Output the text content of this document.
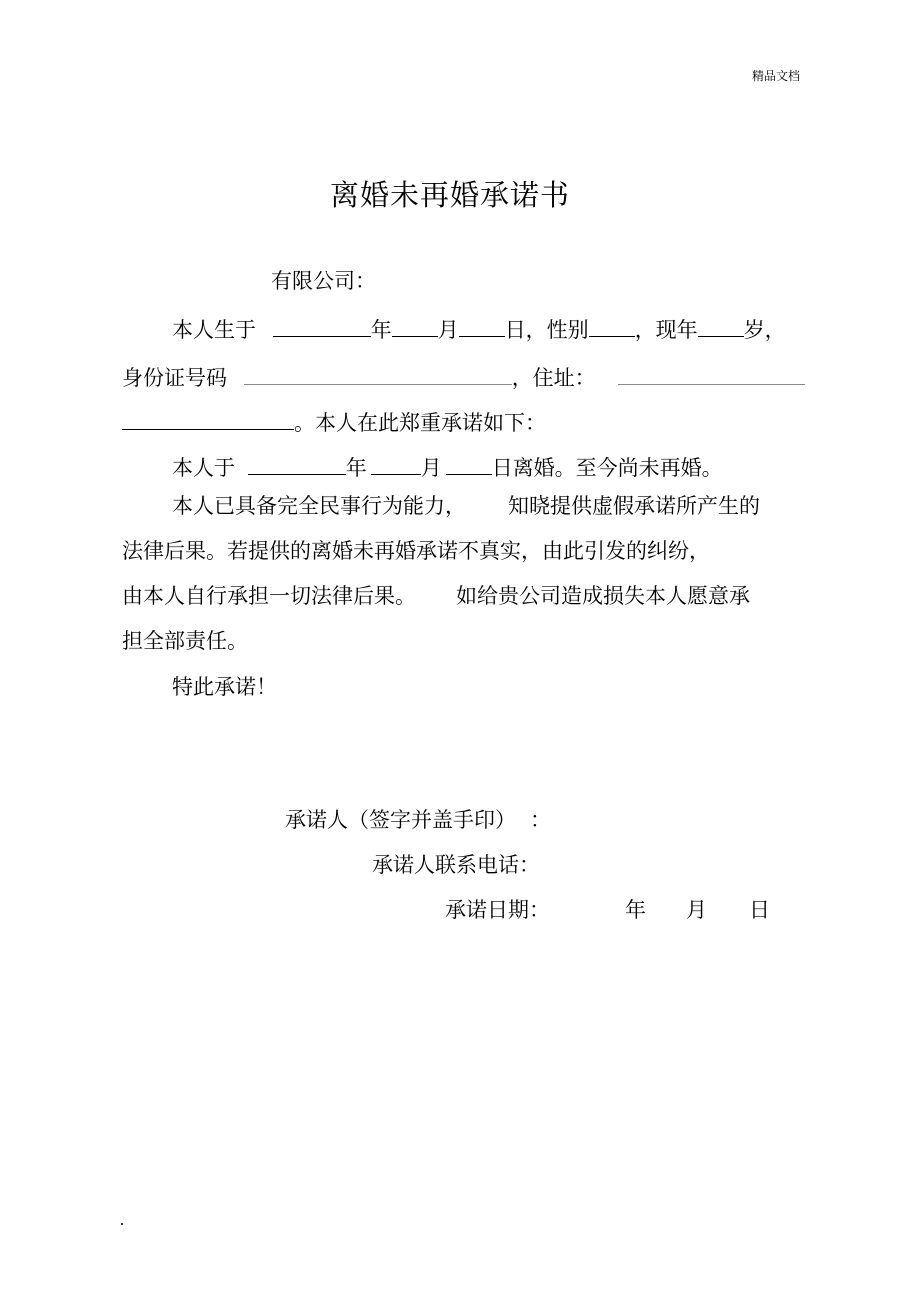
精品文档
离婚未再婚承诺书
有限公司：
本人生于	年 月 日，性别 ，现年 岁，
身份证号码	，住址：
。本人在此郑重承诺如下：
本人于	年	月 日离婚。至今尚未再婚。
本人已具备完全民事行为能力， 知晓提供虚假承诺所产生的
法律后果。若提供的离婚未再婚承诺不真实，由此引发的纠纷，
由本人自行承担一切法律后果。 如给贵公司造成损失本人愿意承
担全部责任。
特此承诺！
承诺人（签字并盖手印） ：
承诺人联系电话：
承诺日期：	年 月 日
